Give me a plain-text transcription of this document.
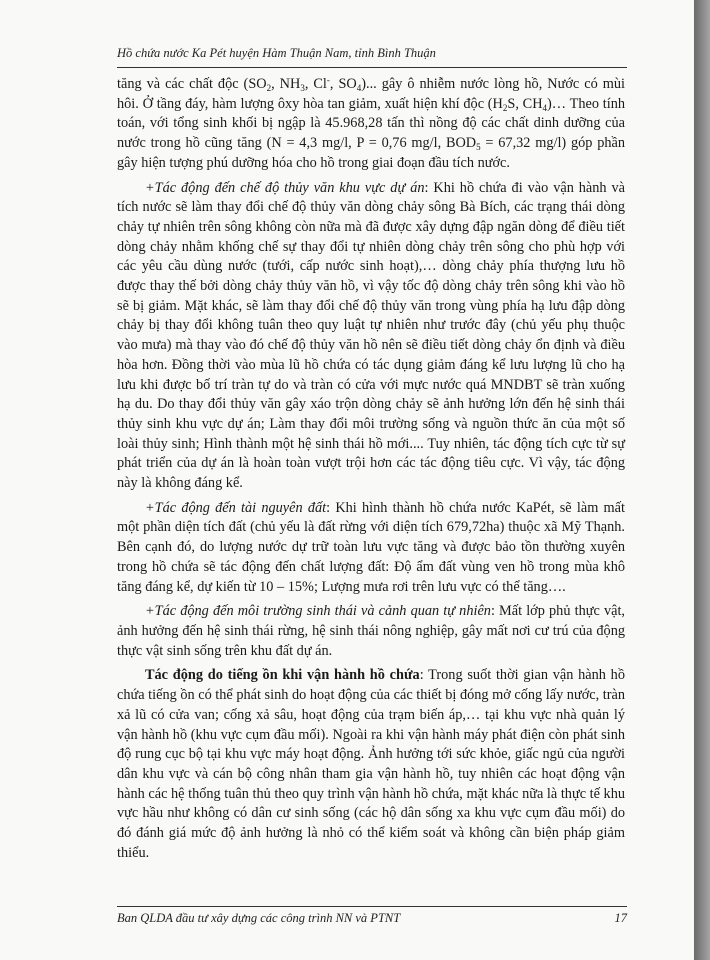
Hồ chứa nước Ka Pét huyện Hàm Thuận Nam, tỉnh Bình Thuận

tăng và các chất độc ($SO_2$, $NH_3$, Cl-, $SO_4$)... gây ô nhiễm nước lòng hồ, Nước có mùi hôi. Ở tầng đáy, hàm lượng ôxy hòa tan giảm, xuất hiện khí độc ($H_2S$, $CH_4)\dots$ Theo tính toán, với tổng sinh khối bị ngập là 45.968,28 tấn thì nồng độ các chất dinh dưỡng của nước trong hồ cũng tăng (N = 4,3 mg/l, P = 0,76 mg/l, $BOD_5 = 67,32$ mg/l) góp phần gây hiện tượng phú dưỡng hóa cho hồ trong giai đoạn đầu tích nước.

+Tác động đến chế độ thủy văn khu vực dự án: Khi hồ chứa đi vào vận hành và tích nước sẽ làm thay đổi chế độ thủy văn dòng chảy sông Bà Bích, các trạng thái dòng chảy tự nhiên trên sông không còn nữa mà đã được xây dựng đập ngăn dòng để điều tiết dòng chảy nhằm khống chế sự thay đổi tự nhiên dòng chảy trên sông cho phù hợp với các yêu cầu dùng nước (tưới, cấp nước sinh hoạt),… dòng chảy phía thượng lưu hồ được thay thế bởi dòng chảy thủy văn hồ, vì vậy tốc độ dòng chảy trên sông khi vào hồ sẽ bị giảm. Mặt khác, sẽ làm thay đổi chế độ thủy văn trong vùng phía hạ lưu đập dòng chảy bị thay đổi không tuân theo quy luật tự nhiên như trước đây (chủ yếu phụ thuộc vào mưa) mà thay vào đó chế độ thủy văn hồ nên sẽ điều tiết dòng chảy ổn định và điều hòa hơn. Đồng thời vào mùa lũ hồ chứa có tác dụng giảm đáng kể lưu lượng lũ cho hạ lưu khi được bố trí tràn tự do và tràn có cửa với mực nước quá MNDBT sẽ tràn xuống hạ du. Do thay đổi thủy văn gây xáo trộn dòng chảy sẽ ảnh hưởng lớn đến hệ sinh thái thủy sinh khu vực dự án; Làm thay đổi môi trường sống và nguồn thức ăn của một số loài thủy sinh; Hình thành một hệ sinh thái hồ mới.... Tuy nhiên, tác động tích cực từ sự phát triển của dự án là hoàn toàn vượt trội hơn các tác động tiêu cực. Vì vậy, tác động này là không đáng kể.

+Tác động đến tài nguyên đất: Khi hình thành hồ chứa nước KaPét, sẽ làm mất một phần diện tích đất (chủ yếu là đất rừng với diện tích 679,72ha) thuộc xã Mỹ Thạnh. Bên cạnh đó, do lượng nước dự trữ toàn lưu vực tăng và được bảo tồn thường xuyên trong hồ chứa sẽ tác động đến chất lượng đất: Độ ẩm đất vùng ven hồ trong mùa khô tăng đáng kể, dự kiến từ 10 – 15%; Lượng mưa rơi trên lưu vực có thể tăng….

+Tác động đến môi trường sinh thái và cảnh quan tự nhiên: Mất lớp phủ thực vật, ảnh hưởng đến hệ sinh thái rừng, hệ sinh thái nông nghiệp, gây mất nơi cư trú của động thực vật sinh sống trên khu đất dự án.

Tác động do tiếng ồn khi vận hành hồ chứa: Trong suốt thời gian vận hành hồ chứa tiếng ồn có thể phát sinh do hoạt động của các thiết bị đóng mở cống lấy nước, tràn xả lũ có cửa van; cống xả sâu, hoạt động của trạm biến áp,… tại khu vực nhà quản lý vận hành hồ (khu vực cụm đầu mối). Ngoài ra khi vận hành máy phát điện còn phát sinh độ rung cục bộ tại khu vực máy hoạt động. Ảnh hưởng tới sức khỏe, giấc ngủ của người dân khu vực và cán bộ công nhân tham gia vận hành hồ, tuy nhiên các hoạt động vận hành các hệ thống tuân thủ theo quy trình vận hành hồ chứa, mặt khác nữa là thực tế khu vực hầu như không có dân cư sinh sống (các hộ dân sống xa khu vực cụm đầu mối) do đó đánh giá mức độ ảnh hưởng là nhỏ có thể kiểm soát và không cần biện pháp giảm thiểu.

Ban QLDA đầu tư xây dựng các công trình NN và PTNT	17
